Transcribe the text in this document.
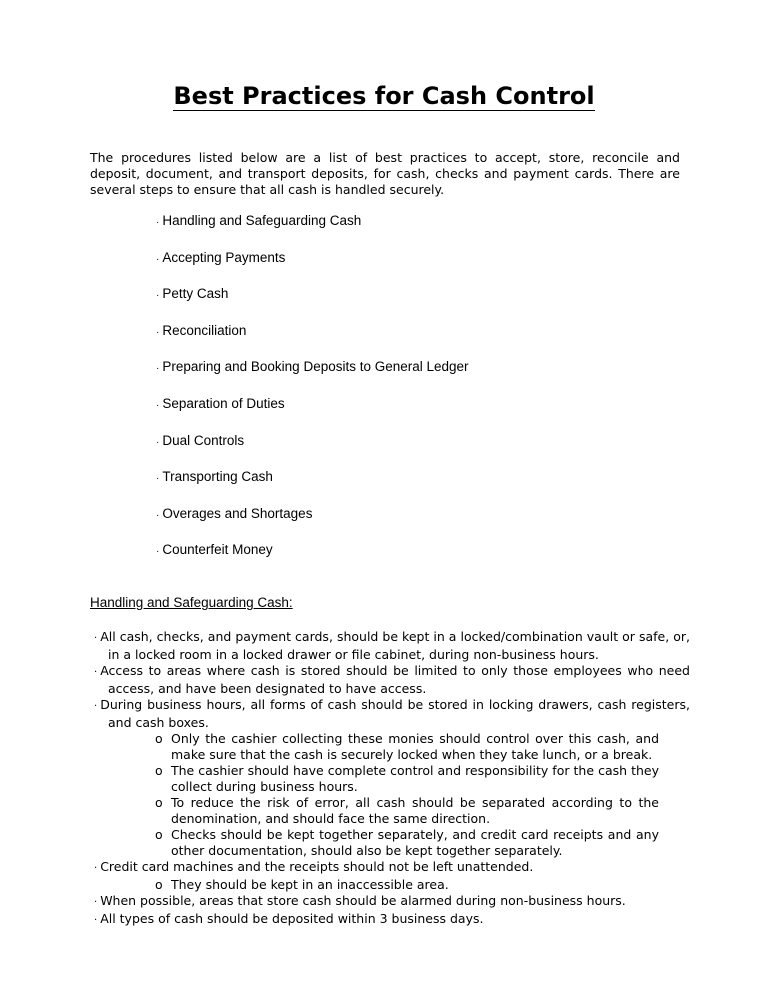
Best Practices for Cash Control

The procedures listed below are a list of best practices to accept, store, reconcile and deposit, document, and transport deposits, for cash, checks and payment cards. There are several steps to ensure that all cash is handled securely.

· Handling and Safeguarding Cash
· Accepting Payments
· Petty Cash
· Reconciliation
· Preparing and Booking Deposits to General Ledger
· Separation of Duties
· Dual Controls
· Transporting Cash
· Overages and Shortages
· Counterfeit Money
Handling and Safeguarding Cash:

· All cash, checks, and payment cards, should be kept in a locked/combination vault or safe, or, in a locked room in a locked drawer or file cabinet, during non-business hours.

· Access to areas where cash is stored should be limited to only those employees who need access, and have been designated to have access.

· During business hours, all forms of cash should be stored in locking drawers, cash registers, and cash boxes.

o Only the cashier collecting these monies should control over this cash, and make sure that the cash is securely locked when they take lunch, or a break.

o The cashier should have complete control and responsibility for the cash they collect during business hours.

o To reduce the risk of error, all cash should be separated according to the denomination, and should face the same direction.

o Checks should be kept together separately, and credit card receipts and any other documentation, should also be kept together separately.

· Credit card machines and the receipts should not be left unattended.

o They should be kept in an inaccessible area.

· When possible, areas that store cash should be alarmed during non-business hours.

· All types of cash should be deposited within 3 business days.
